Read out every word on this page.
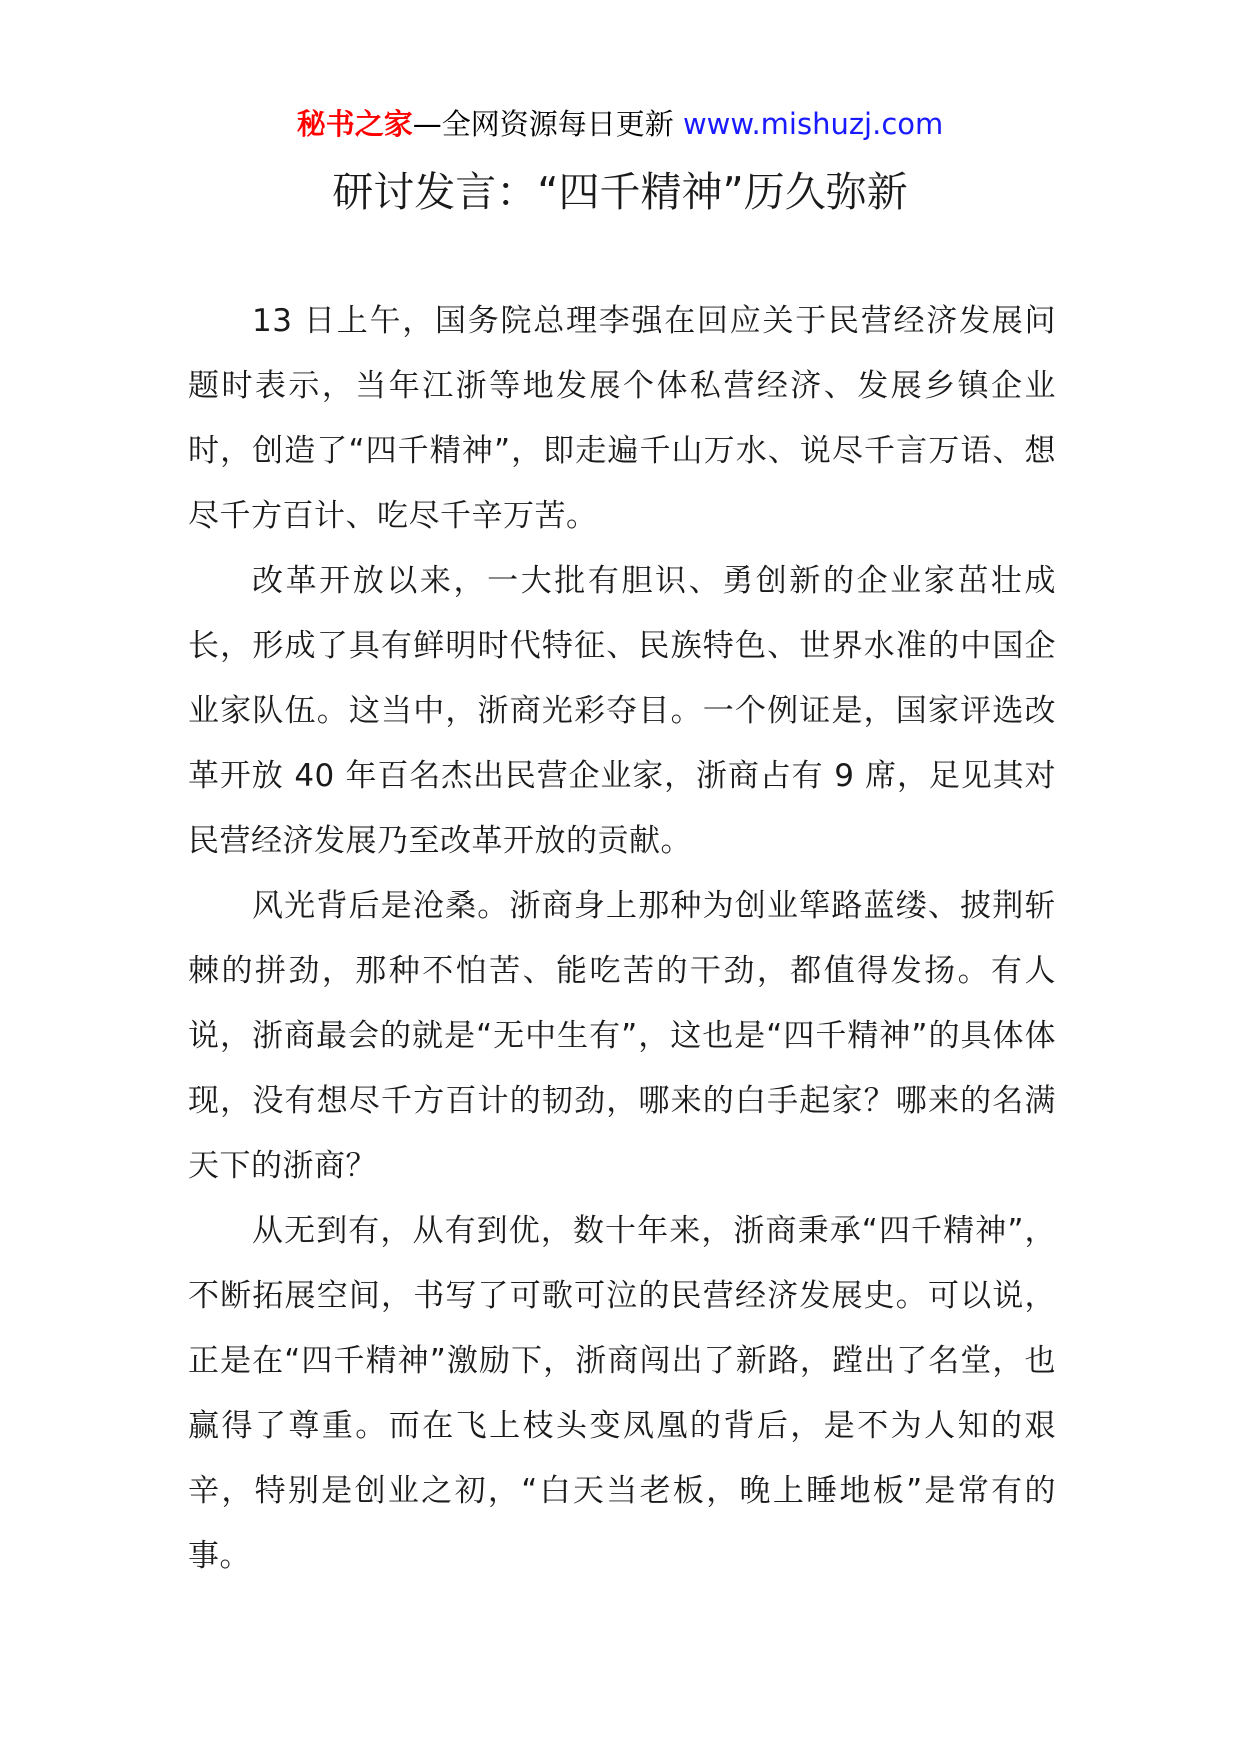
秘书之家—全网资源每日更新 www.mishuzj.com
研讨发言：“四千精神”历久弥新

13 日上午，国务院总理李强在回应关于民营经济发展问题时表示，当年江浙等地发展个体私营经济、发展乡镇企业时，创造了“四千精神”，即走遍千山万水、说尽千言万语、想尽千方百计、吃尽千辛万苦。

改革开放以来，一大批有胆识、勇创新的企业家茁壮成长，形成了具有鲜明时代特征、民族特色、世界水准的中国企业家队伍。这当中，浙商光彩夺目。一个例证是，国家评选改革开放 40 年百名杰出民营企业家，浙商占有 9 席，足见其对民营经济发展乃至改革开放的贡献。

风光背后是沧桑。浙商身上那种为创业筚路蓝缕、披荆斩棘的拼劲，那种不怕苦、能吃苦的干劲，都值得发扬。有人说，浙商最会的就是“无中生有”，这也是“四千精神”的具体体现，没有想尽千方百计的韧劲，哪来的白手起家？哪来的名满天下的浙商？

从无到有，从有到优，数十年来，浙商秉承“四千精神”，不断拓展空间，书写了可歌可泣的民营经济发展史。可以说，正是在“四千精神”激励下，浙商闯出了新路，蹚出了名堂，也赢得了尊重。而在飞上枝头变凤凰的背后，是不为人知的艰辛，特别是创业之初，“白天当老板，晚上睡地板”是常有的事。
